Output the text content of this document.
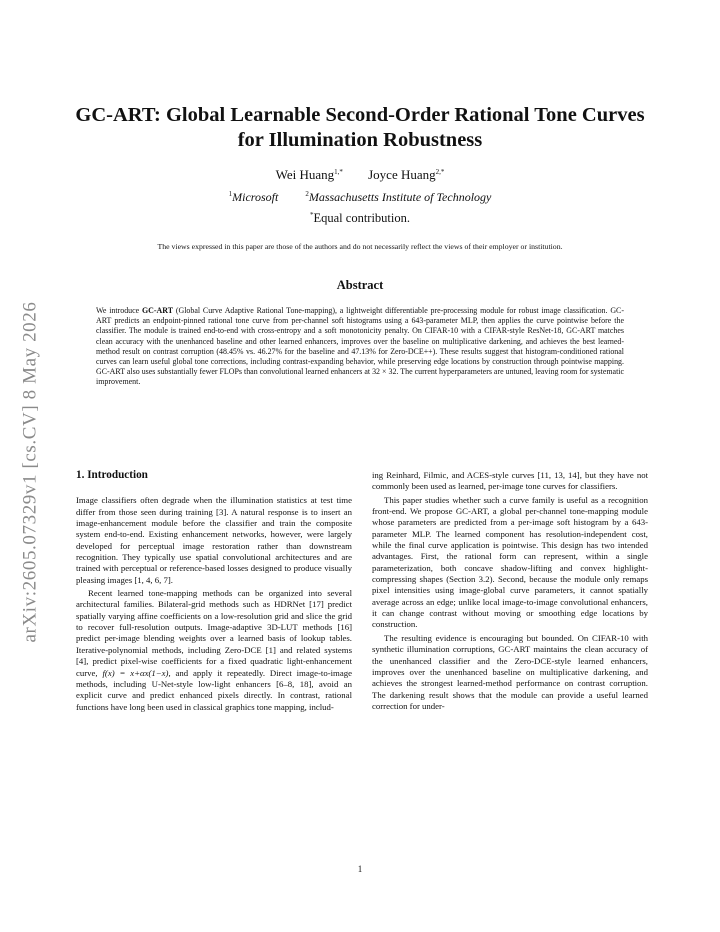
arXiv:2605.07329v1 [cs.CV] 8 May 2026
GC-ART: Global Learnable Second-Order Rational Tone Curves
for Illumination Robustness
Wei Huang$^{1,*}$ Joyce Huang$^{2,*}$
$^1$Microsoft	$^2$Massachusetts Institute of Technology
*Equal contribution.
The views expressed in this paper are those of the authors and do not necessarily reflect the views of their employer or institution.
Abstract

We introduce GC-ART (Global Curve Adaptive Rational Tone-mapping), a lightweight differentiable pre-processing module for robust image classification. GC-ART predicts an endpoint-pinned rational tone curve from per-channel soft histograms using a 643-parameter MLP, then applies the curve pointwise before the classifier. The module is trained end-to-end with cross-entropy and a soft monotonicity penalty. On CIFAR-10 with a CIFAR-style ResNet-18, GC-ART matches clean accuracy with the unenhanced baseline and other learned enhancers, improves over the baseline on multiplicative darkening, and achieves the best learned-method result on contrast corruption (48.45% vs. 46.27% for the baseline and 47.13% for Zero-DCE++). These results suggest that histogram-conditioned rational curves can learn useful global tone corrections, including contrast-expanding behavior, while preserving edge locations by construction through pointwise mapping. GC-ART also uses substantially fewer FLOPs than convolutional learned enhancers at 32 × 32. The current hyperparameters are untuned, leaving room for systematic improvement.

1. Introduction

Image classifiers often degrade when the illumination statistics at test time differ from those seen during training [3]. A natural response is to insert an image-enhancement module before the classifier and train the composite system end-to-end. Existing enhancement networks, however, were largely developed for perceptual image restoration rather than downstream recognition. They typically use spatial convolutional architectures and are trained with perceptual or reference-based losses designed to produce visually pleasing images [1, 4, 6, 7].

Recent learned tone-mapping methods can be organized into several architectural families. Bilateral-grid methods such as HDRNet [17] predict spatially varying affine coefficients on a low-resolution grid and slice the grid to recover full-resolution outputs. Image-adaptive 3D-LUT methods [16] predict per-image blending weights over a learned basis of lookup tables. Iterative-polynomial methods, including Zero-DCE [1] and related systems [4], predict pixel-wise coefficients for a fixed quadratic light-enhancement curve, f(x) = x+αx(1−x), and apply it repeatedly. Direct image-to-image methods, including U-Net-style low-light enhancers [6–8, 18], avoid an explicit curve and predict enhanced pixels directly. In contrast, rational functions have long been used in classical graphics tone mapping, includ-

ing Reinhard, Filmic, and ACES-style curves [11, 13, 14], but they have not commonly been used as learned, per-image tone curves for classifiers.

This paper studies whether such a curve family is useful as a recognition front-end. We propose GC-ART, a global per-channel tone-mapping module whose parameters are predicted from a per-image soft histogram by a 643-parameter MLP. The learned component has resolution-independent cost, while the final curve application is pointwise. This design has two intended advantages. First, the rational form can represent, within a single parameterization, both concave shadow-lifting and convex highlight-compressing shapes (Section 3.2). Second, because the module only remaps pixel intensities using image-global curve parameters, it cannot spatially average across an edge; unlike local image-to-image convolutional enhancers, it can change contrast without moving or smoothing edge locations by construction.

The resulting evidence is encouraging but bounded. On CIFAR-10 with synthetic illumination corruptions, GC-ART maintains the clean accuracy of the unenhanced classifier and the Zero-DCE-style learned enhancers, improves over the unenhanced baseline on multiplicative darkening, and achieves the strongest learned-method performance on contrast corruption. The darkening result shows that the module can provide a useful learned correction for under-

1
